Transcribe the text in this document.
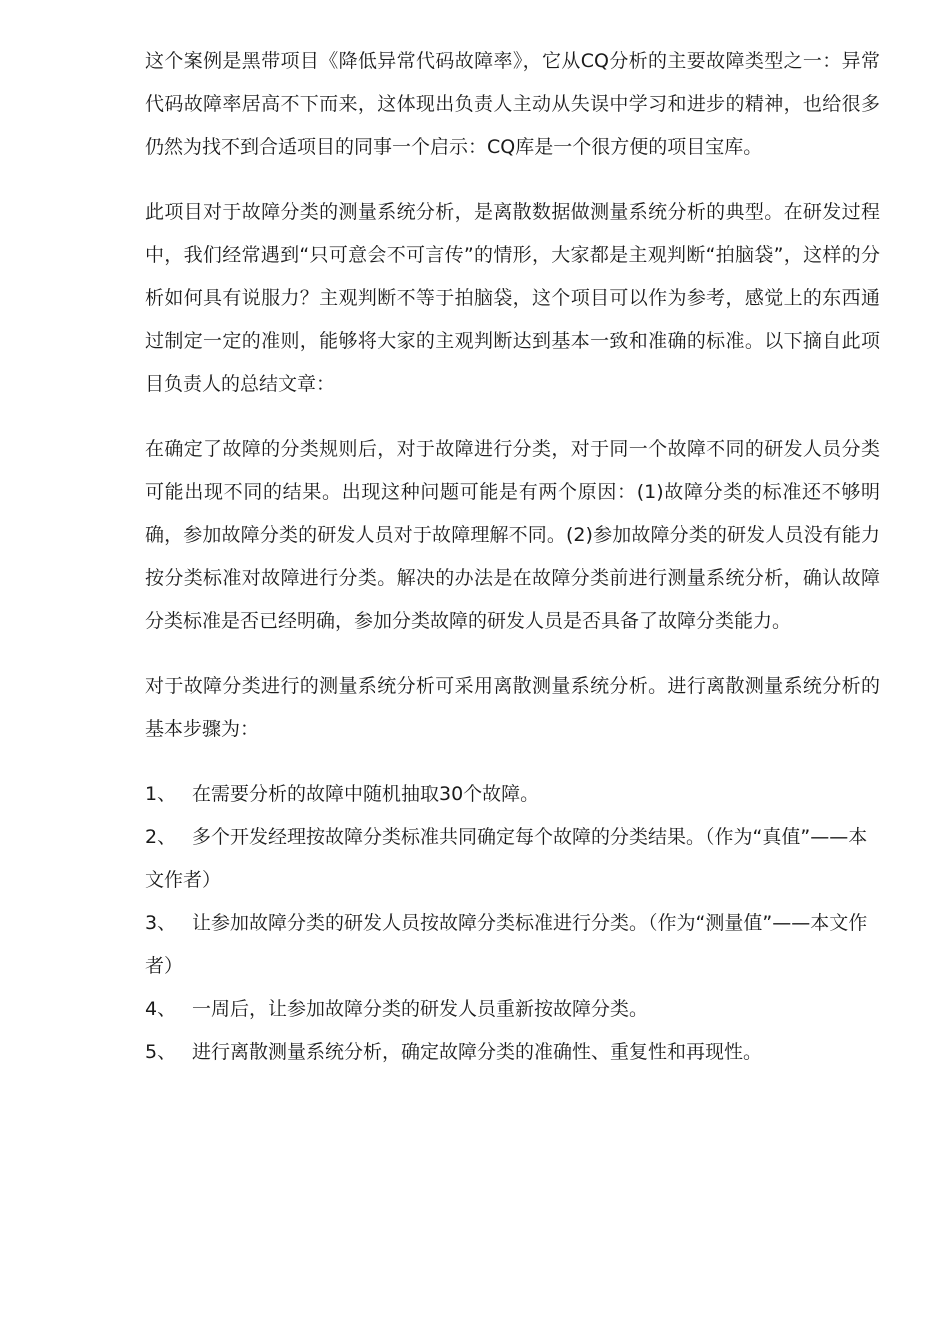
这个案例是黑带项目《降低异常代码故障率》，它从CQ分析的主要故障类型之一：异常代码故障率居高不下而来，这体现出负责人主动从失误中学习和进步的精神，也给很多仍然为找不到合适项目的同事一个启示：CQ库是一个很方便的项目宝库。

此项目对于故障分类的测量系统分析，是离散数据做测量系统分析的典型。在研发过程中，我们经常遇到“只可意会不可言传”的情形，大家都是主观判断“拍脑袋”，这样的分析如何具有说服力？主观判断不等于拍脑袋，这个项目可以作为参考，感觉上的东西通过制定一定的准则，能够将大家的主观判断达到基本一致和准确的标准。以下摘自此项目负责人的总结文章：

在确定了故障的分类规则后，对于故障进行分类，对于同一个故障不同的研发人员分类可能出现不同的结果。出现这种问题可能是有两个原因：(1)故障分类的标准还不够明确，参加故障分类的研发人员对于故障理解不同。(2)参加故障分类的研发人员没有能力按分类标准对故障进行分类。解决的办法是在故障分类前进行测量系统分析，确认故障分类标准是否已经明确，参加分类故障的研发人员是否具备了故障分类能力。

对于故障分类进行的测量系统分析可采用离散测量系统分析。进行离散测量系统分析的基本步骤为：

1、 在需要分析的故障中随机抽取30个故障。
2、 多个开发经理按故障分类标准共同确定每个故障的分类结果。（作为“真值”——本文作者）
3、 让参加故障分类的研发人员按故障分类标准进行分类。（作为“测量值”——本文作者）
4、 一周后，让参加故障分类的研发人员重新按故障分类。
5、 进行离散测量系统分析，确定故障分类的准确性、重复性和再现性。
